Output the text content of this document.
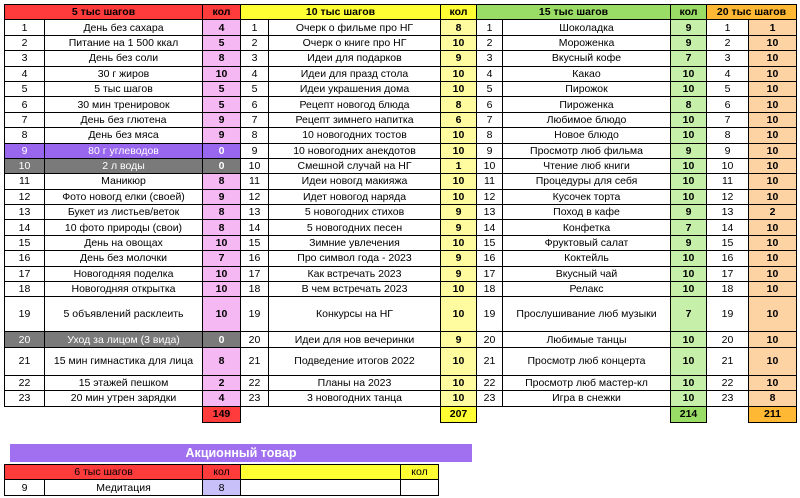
5 тыс шагов		кол	10 тыс шагов		кол	15 тыс шагов		кол	20 тыс шагов	
1	День без сахара	4	1	Очерк о фильме про НГ	8	1	Шоколадка	9	1	1
2	Питание на 1 500 ккал	5	2	Очерк о книге про НГ	10	2	Мороженка	9	2	10
3	День без соли	8	3	Идеи для подарков	9	3	Вкусный кофе	7	3	10
4	30 г жиров	10	4	Идеи для празд стола	10	4	Какао	10	4	10
5	5 тыс шагов	5	5	Идеи украшения дома	10	5	Пирожок	10	5	10
6	30 мин тренировок	5	6	Рецепт новогод блюда	8	6	Пироженка	8	6	10
7	День без глютена	9	7	Рецепт зимнего напитка	6	7	Любимое блюдо	10	7	10
8	День без мяса	9	8	10 новогодних тостов	10	8	Новое блюдо	10	8	10
9	80 г углеводов	0	9	10 новогодних анекдотов	10	9	Просмотр люб фильма	9	9	10
10	2 л воды	0	10	Смешной случай на НГ	1	10	Чтение люб книги	10	10	10
11	Маникюр	8	11	Идеи новогд макияжа	10	11	Процедуры для себя	10	11	10
12	Фото новогд елки (своей)	9	12	Идет новогод наряда	10	12	Кусочек торта	10	12	10
13	Букет из листьев/веток	8	13	5 новогодних стихов	9	13	Поход в кафе	9	13	2
14	10 фото природы (свои)	8	14	5 новогодних песен	9	14	Конфетка	7	14	10
15	День на овощах	10	15	Зимние увлечения	10	15	Фруктовый салат	9	15	10
16	День без молочки	7	16	Про символ года - 2023	9	16	Коктейль	10	16	10
17	Новогодняя поделка	10	17	Как встречать 2023	9	17	Вкусный чай	10	17	10
18	Новогодняя открытка	10	18	В чем встречать 2023	10	18	Релакс	10	18	10
19	5 объявлений расклеить	10	19	Конкурсы на НГ	10	19	Прослушивание люб музыки	7	19	10
20	Уход за лицом (3 вида)	0	20	Идеи для нов вечеринки	9	20	Любимые танцы	10	20	10
21	15 мин гимнастика для лица	8	21	Подведение итогов 2022	10	21	Просмотр люб концерта	10	21	10
22	15 этажей пешком	2	22	Планы на 2023	10	22	Просмотр люб мастер-кл	10	22	10
23	20 мин утрен зарядки	4	23	3 новогодних танца	10	23	Игра в снежки	10	23	8
		149			207			214		211
Акционный товар
6 тыс шагов		кол		кол
9	Медитация	8		
